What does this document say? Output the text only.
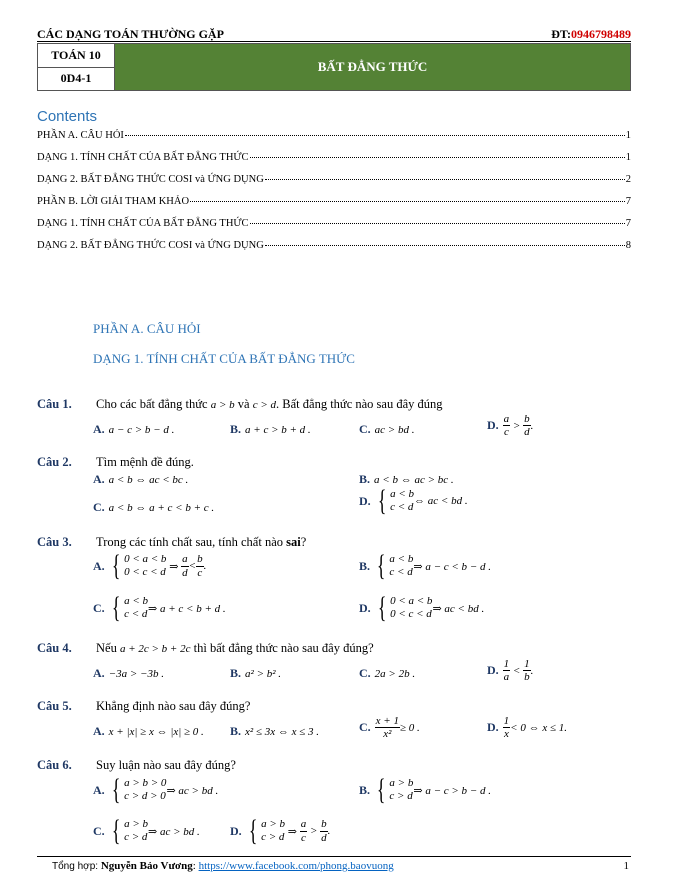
CÁC DẠNG TOÁN THƯỜNG GẶP	ĐT:0946798489
TOÁN 10
0D4-1
BẤT ĐẲNG THỨC
Contents
PHẦN A. CÂU HỎI	1
DẠNG 1. TÍNH CHẤT CỦA BẤT ĐẲNG THỨC	1
DẠNG 2. BẤT ĐẲNG THỨC COSI và ỨNG DỤNG	2
PHẦN B. LỜI GIẢI THAM KHẢO	7
DẠNG 1. TÍNH CHẤT CỦA BẤT ĐẲNG THỨC	7
DẠNG 2. BẤT ĐẲNG THỨC COSI và ỨNG DỤNG	8
PHẦN A. CÂU HỎI
DẠNG 1. TÍNH CHẤT CỦA BẤT ĐẲNG THỨC
Câu 1. Cho các bất đẳng thức a > b và c > d. Bất đẳng thức nào sau đây đúng
A. a − c > b − d .	B. a + c > b + d .	C. ac > bd .	D. $\frac{a}{c} > \frac{b}{d}$ .
Câu 2. Tìm mệnh đề đúng.
A. a < b ⇔ ac < bc .	B. a < b ⇔ ac > bc .
C. a < b ⇔ a + c < b + c .
D. { a < b
c < d ⇔ ac < bd .
Câu 3. Trong các tính chất sau, tính chất nào sai?
A. { 0 < a < b
0 < c < d ⇒ $\frac{a}{d} < \frac{b}{c}$ .	B. { a < b
c < d ⇒ a − c < b − d .
C. { a < b
c < d ⇒ a + c < b + d .	D. { 0 < a < b
0 < c < d ⇒ ac < bd .
Câu 4. Nếu a + 2c > b + 2c thì bất đẳng thức nào sau đây đúng?
A. −3a > −3b .	B. a² > b² .	C. 2a > 2b .	D. $\frac{1}{a} < \frac{1}{b}$ .
Câu 5. Khẳng định nào sau đây đúng?
A. x + |x| ≥ x ⇔ |x| ≥ 0 . B. x² ≤ 3x ⇔ x ≤ 3 .	C. $\frac{x + 1}{\text{x²}} \ge 0$ .	D. $\frac{1}{x} < 0$ ⇔ x ≤ 1.
Câu 6. Suy luận nào sau đây đúng?
A. { a > b > 0
c > d > 0 ⇒ ac > bd .	B. { a > b
c > d ⇒ a − c > b − d .
C. { a > b
c > d ⇒ ac > bd .	D. { a > b
c > d ⇒ $\frac{a}{c} > \frac{b}{d}$ .
Tổng hợp: Nguyễn Bảo Vương: https://www.facebook.com/phong.baovuong	1
